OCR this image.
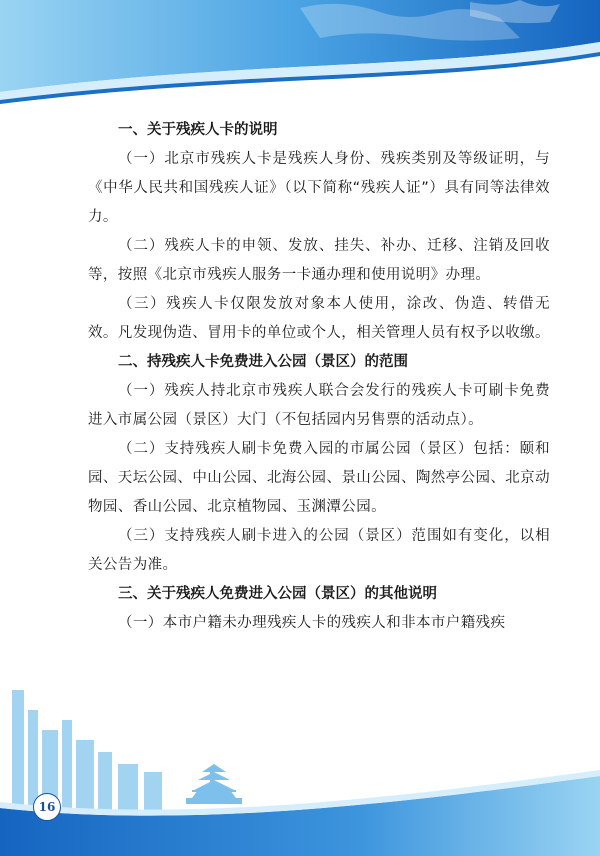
一、关于残疾人卡的说明

（一）北京市残疾人卡是残疾人身份、残疾类别及等级证明，与《中华人民共和国残疾人证》（以下简称“残疾人证”）具有同等法律效力。

（二）残疾人卡的申领、发放、挂失、补办、迁移、注销及回收等，按照《北京市残疾人服务一卡通办理和使用说明》办理。

（三）残疾人卡仅限发放对象本人使用，涂改、伪造、转借无效。凡发现伪造、冒用卡的单位或个人，相关管理人员有权予以收缴。

二、持残疾人卡免费进入公园（景区）的范围

（一）残疾人持北京市残疾人联合会发行的残疾人卡可刷卡免费进入市属公园（景区）大门（不包括园内另售票的活动点）。

（二）支持残疾人刷卡免费入园的市属公园（景区）包括：颐和园、天坛公园、中山公园、北海公园、景山公园、陶然亭公园、北京动物园、香山公园、北京植物园、玉渊潭公园。

（三）支持残疾人刷卡进入的公园（景区）范围如有变化，以相关公告为准。

三、关于残疾人免费进入公园（景区）的其他说明

（一）本市户籍未办理残疾人卡的残疾人和非本市户籍残疾

16
